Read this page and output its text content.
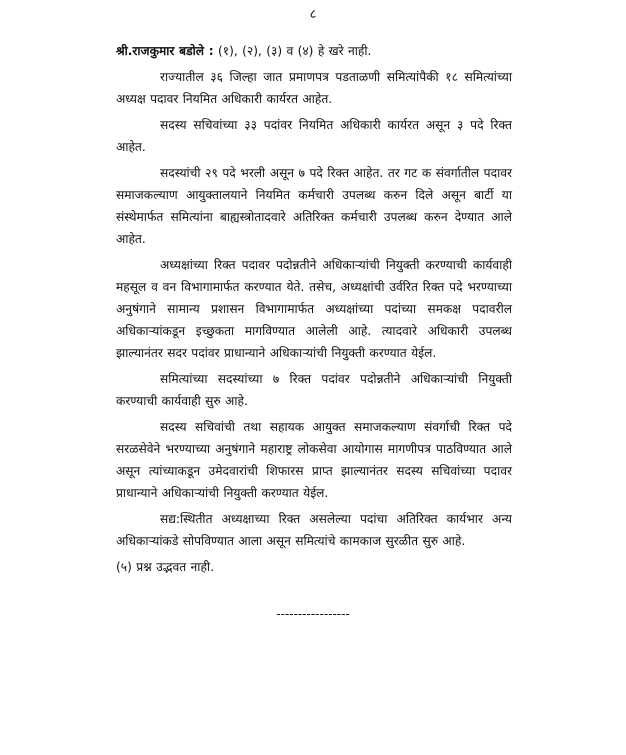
८

श्री.राजकुमार बडोले : (१), (२), (३) व (४) हे खरे नाही.

राज्यातील ३६ जिल्हा जात प्रमाणपत्र पडताळणी समित्यांपैकी १८ समित्यांच्या अध्यक्ष पदावर नियमित अधिकारी कार्यरत आहेत.

सदस्य सचिवांच्या ३३ पदांवर नियमित अधिकारी कार्यरत असून ३ पदे रिक्त आहेत.

सदस्यांची २९ पदे भरली असून ७ पदे रिक्त आहेत. तर गट क संवर्गातील पदावर समाजकल्याण आयुक्तालयाने नियमित कर्मचारी उपलब्ध करुन दिले असून बार्टी या संस्थेमार्फत समित्यांना बाह्यस्त्रोतादवारे अतिरिक्त कर्मचारी उपलब्ध करुन देण्यात आले आहेत.

अध्यक्षांच्या रिक्त पदावर पदोन्नतीने अधिकाऱ्यांची नियुक्ती करण्याची कार्यवाही महसूल व वन विभागामार्फत करण्यात येते. तसेच, अध्यक्षांची उर्वरित रिक्त पदे भरण्याच्या अनुषंगाने सामान्य प्रशासन विभागामार्फत अध्यक्षांच्या पदांच्या समकक्ष पदावरील अधिकाऱ्यांकडून इच्छुकता मागविण्यात आलेली आहे. त्यादवारे अधिकारी उपलब्ध झाल्यानंतर सदर पदांवर प्राधान्याने अधिकाऱ्यांची नियुक्ती करण्यात येईल.

समित्यांच्या सदस्यांच्या ७ रिक्त पदांवर पदोन्नतीने अधिकाऱ्यांची नियुक्ती करण्याची कार्यवाही सुरु आहे.

सदस्य सचिवांची तथा सहायक आयुक्त समाजकल्याण संवर्गाची रिक्त पदे सरळसेवेने भरण्याच्या अनुषंगाने महाराष्ट्र लोकसेवा आयोगास मागणीपत्र पाठविण्यात आले असून त्यांच्याकडून उमेदवारांची शिफारस प्राप्त झाल्यानंतर सदस्य सचिवांच्या पदावर प्राधान्याने अधिकाऱ्यांची नियुक्ती करण्यात येईल.

सद्य:स्थितीत अध्यक्षाच्या रिक्त असलेल्या पदांचा अतिरिक्त कार्यभार अन्य अधिकाऱ्यांकडे सोपविण्यात आला असून समित्यांचे कामकाज सुरळीत सुरु आहे.

(५) प्रश्न उद्भवत नाही.

-----------------
